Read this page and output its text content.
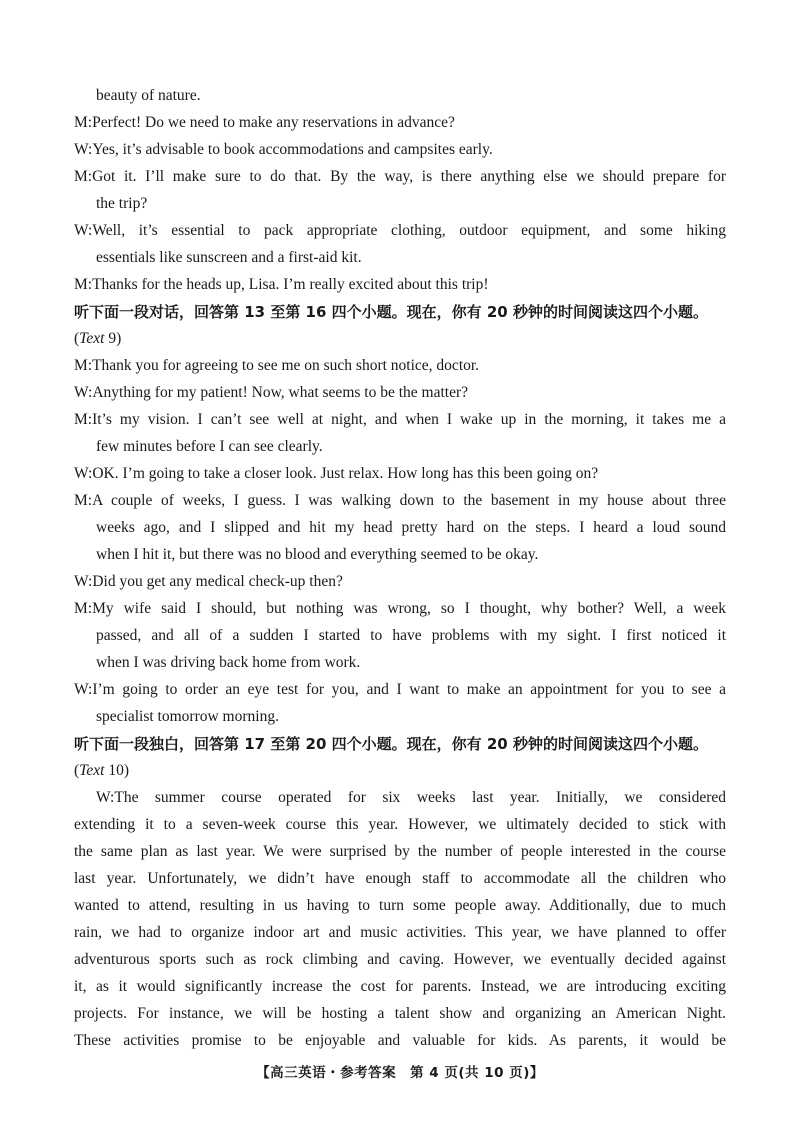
beauty of nature.
M:Perfect! Do we need to make any reservations in advance?
W:Yes, it’s advisable to book accommodations and campsites early.
M:Got it. I’ll make sure to do that. By the way, is there anything else we should prepare for
the trip?
W:Well, it’s essential to pack appropriate clothing, outdoor equipment, and some hiking
essentials like sunscreen and a first-aid kit.
M:Thanks for the heads up, Lisa. I’m really excited about this trip!
听下面一段对话，回答第 13 至第 16 四个小题。现在，你有 20 秒钟的时间阅读这四个小题。
(Text 9)
M:Thank you for agreeing to see me on such short notice, doctor.
W:Anything for my patient! Now, what seems to be the matter?
M:It’s my vision. I can’t see well at night, and when I wake up in the morning, it takes me a
few minutes before I can see clearly.
W:OK. I’m going to take a closer look. Just relax. How long has this been going on?
M:A couple of weeks, I guess. I was walking down to the basement in my house about three
weeks ago, and I slipped and hit my head pretty hard on the steps. I heard a loud sound
when I hit it, but there was no blood and everything seemed to be okay.
W:Did you get any medical check-up then?
M:My wife said I should, but nothing was wrong, so I thought, why bother? Well, a week
passed, and all of a sudden I started to have problems with my sight. I first noticed it
when I was driving back home from work.
W:I’m going to order an eye test for you, and I want to make an appointment for you to see a
specialist tomorrow morning.
听下面一段独白，回答第 17 至第 20 四个小题。现在，你有 20 秒钟的时间阅读这四个小题。
(Text 10)
W:The summer course operated for six weeks last year. Initially, we considered
extending it to a seven-week course this year. However, we ultimately decided to stick with
the same plan as last year. We were surprised by the number of people interested in the course
last year. Unfortunately, we didn’t have enough staff to accommodate all the children who
wanted to attend, resulting in us having to turn some people away. Additionally, due to much
rain, we had to organize indoor art and music activities. This year, we have planned to offer
adventurous sports such as rock climbing and caving. However, we eventually decided against
it, as it would significantly increase the cost for parents. Instead, we are introducing exciting
projects. For instance, we will be hosting a talent show and organizing an American Night.
These activities promise to be enjoyable and valuable for kids. As parents, it would be
【高三英语・参考答案　第 4 页(共 10 页)】
